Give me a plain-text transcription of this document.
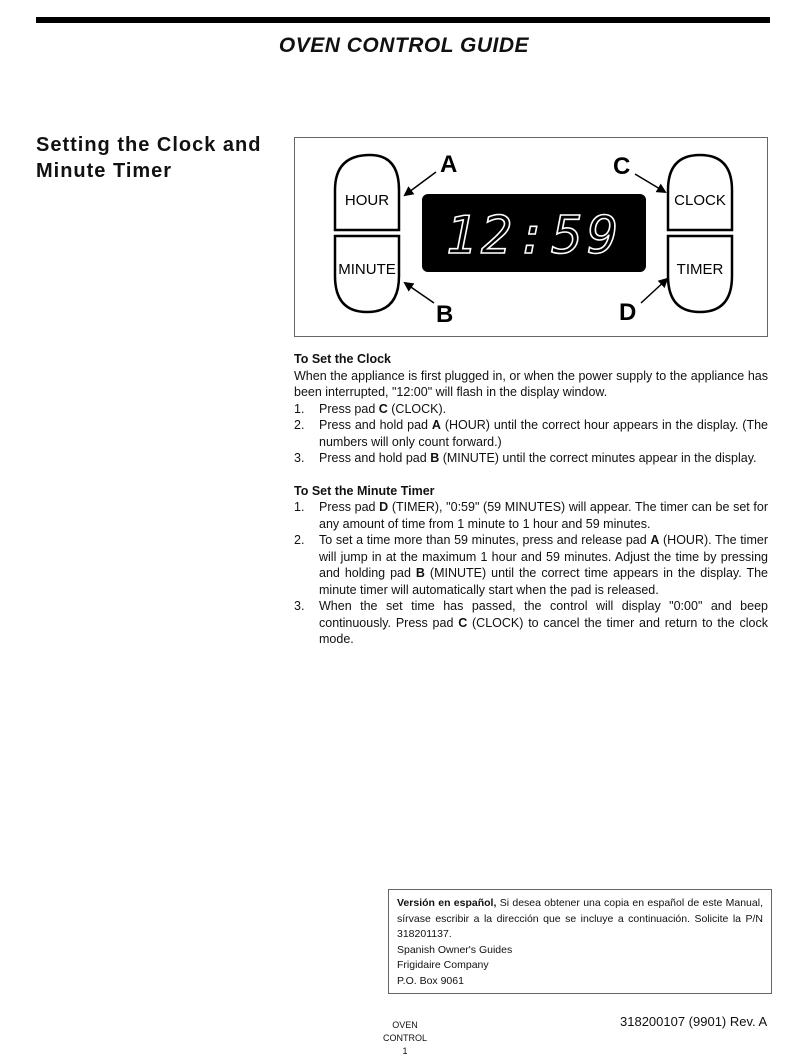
OVEN CONTROL GUIDE
Setting the Clock and
Minute Timer
HOUR
MINUTE
CLOCK
TIMER
12:59
A	C
B	D
To Set the Clock

When the appliance is first plugged in, or when the power supply to the appliance has been interrupted, "12:00" will flash in the display window.

1. Press pad C (CLOCK).
2. Press and hold pad A (HOUR) until the correct hour appears in the display. (The numbers will only count forward.)
3. Press and hold pad B (MINUTE) until the correct minutes appear in the display.
To Set the Minute Timer
1. Press pad D (TIMER), "0:59" (59 MINUTES) will appear. The timer can be set for any amount of time from 1 minute to 1 hour and 59 minutes.
2. To set a time more than 59 minutes, press and release pad A (HOUR). The timer will jump in at the maximum 1 hour and 59 minutes. Adjust the time by pressing and holding pad B (MINUTE) until the correct time appears in the display. The minute timer will automatically start when the pad is released.
3. When the set time has passed, the control will display "0:00" and beep continuously. Press pad C (CLOCK) to cancel the timer and return to the clock mode.

Versión en español, Si desea obtener una copia en español de este Manual, sírvase escribir a la dirección que se incluye a continuación. Solicite la P/N 318201137.

Spanish Owner's Guides
Frigidaire Company
P.O. Box 9061
OVEN CONTROL
1
318200107 (9901) Rev. A
